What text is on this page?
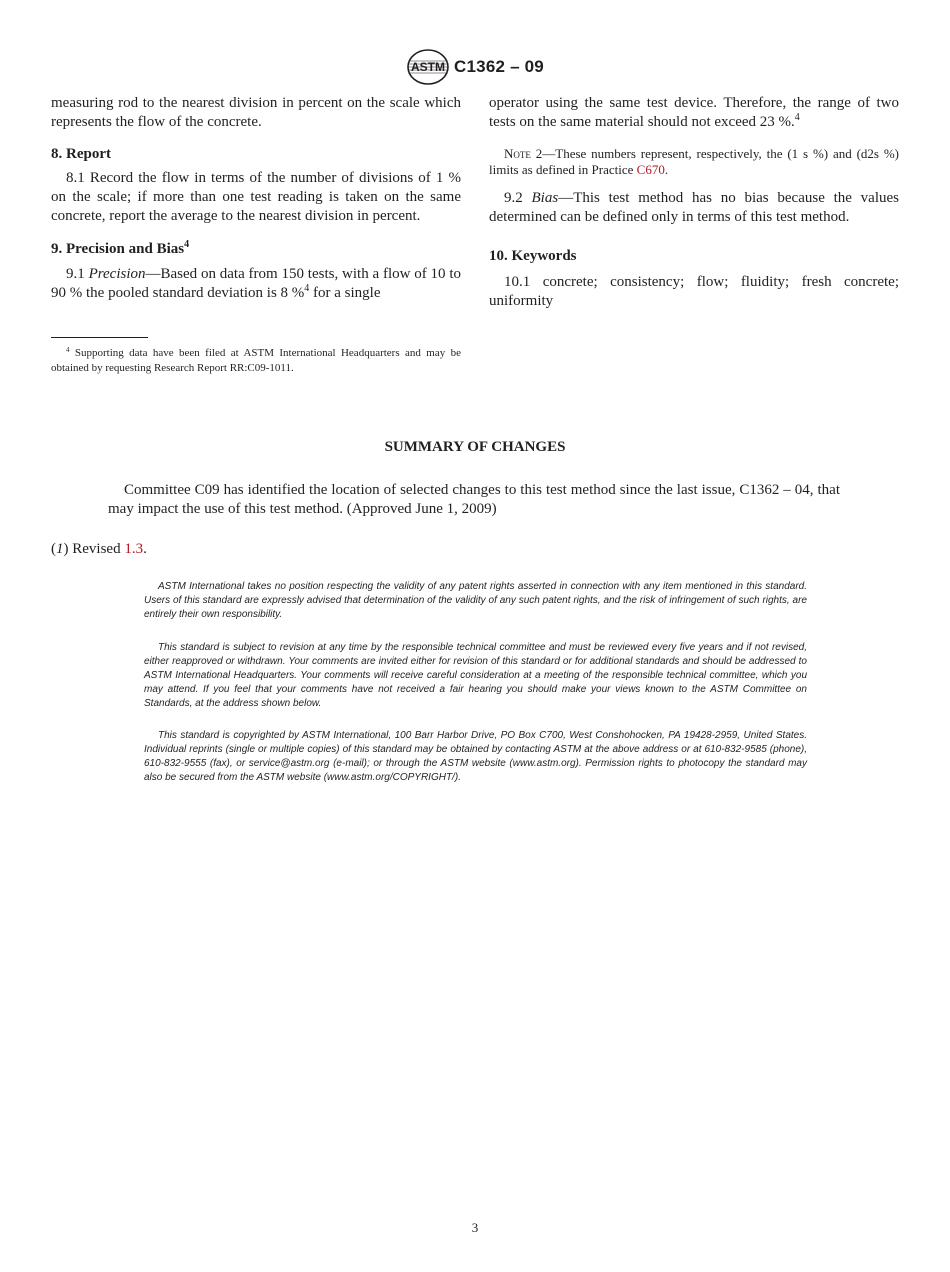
ASTM C1362 – 09

measuring rod to the nearest division in percent on the scale which represents the flow of the concrete.

8. Report

8.1 Record the flow in terms of the number of divisions of 1 % on the scale; if more than one test reading is taken on the same concrete, report the average to the nearest division in percent.

9. Precision and Bias$^4$

9.1 Precision—Based on data from 150 tests, with a flow of 10 to 90 % the pooled standard deviation is 8 %$^4$ for a single

operator using the same test device. Therefore, the range of two tests on the same material should not exceed 23 %.$^4$

Note 2—These numbers represent, respectively, the (1 s %) and (d2s %) limits as defined in Practice C670.

9.2 Bias—This test method has no bias because the values determined can be defined only in terms of this test method.

10. Keywords

10.1 concrete; consistency; flow; fluidity; fresh concrete; uniformity

$^4$ Supporting data have been filed at ASTM International Headquarters and may be obtained by requesting Research Report RR:C09-1011.

SUMMARY OF CHANGES

Committee C09 has identified the location of selected changes to this test method since the last issue, C1362 – 04, that may impact the use of this test method. (Approved June 1, 2009)

(1) Revised 1.3.

ASTM International takes no position respecting the validity of any patent rights asserted in connection with any item mentioned in this standard. Users of this standard are expressly advised that determination of the validity of any such patent rights, and the risk of infringement of such rights, are entirely their own responsibility.

This standard is subject to revision at any time by the responsible technical committee and must be reviewed every five years and if not revised, either reapproved or withdrawn. Your comments are invited either for revision of this standard or for additional standards and should be addressed to ASTM International Headquarters. Your comments will receive careful consideration at a meeting of the responsible technical committee, which you may attend. If you feel that your comments have not received a fair hearing you should make your views known to the ASTM Committee on Standards, at the address shown below.

This standard is copyrighted by ASTM International, 100 Barr Harbor Drive, PO Box C700, West Conshohocken, PA 19428-2959, United States. Individual reprints (single or multiple copies) of this standard may be obtained by contacting ASTM at the above address or at 610-832-9585 (phone), 610-832-9555 (fax), or service@astm.org (e-mail); or through the ASTM website (www.astm.org). Permission rights to photocopy the standard may also be secured from the ASTM website (www.astm.org/COPYRIGHT/).

3
